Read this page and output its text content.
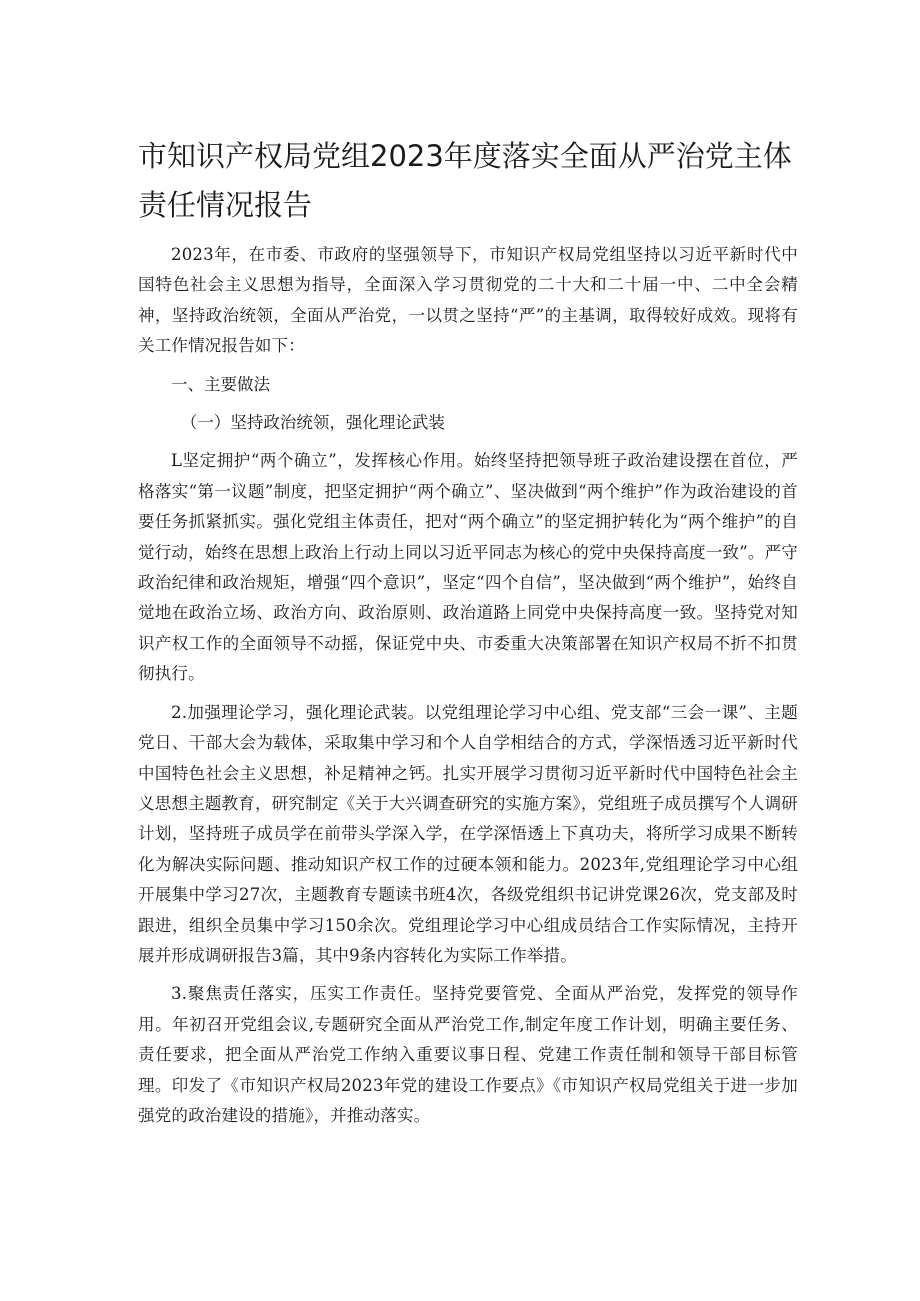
市知识产权局党组2023年度落实全面从严治党主体责任情况报告

2023年，在市委、市政府的坚强领导下，市知识产权局党组坚持以习近平新时代中国特色社会主义思想为指导，全面深入学习贯彻党的二十大和二十届一中、二中全会精神，坚持政治统领，全面从严治党，一以贯之坚持“严”的主基调，取得较好成效。现将有关工作情况报告如下：

一、主要做法

（一）坚持政治统领，强化理论武装

L坚定拥护“两个确立”，发挥核心作用。始终坚持把领导班子政治建设摆在首位，严格落实“第一议题”制度，把坚定拥护“两个确立”、坚决做到“两个维护”作为政治建设的首要任务抓紧抓实。强化党组主体责任，把对“两个确立”的坚定拥护转化为“两个维护”的自觉行动，始终在思想上政治上行动上同以习近平同志为核心的党中央保持高度一致”。严守政治纪律和政治规矩，增强“四个意识”，坚定“四个自信”，坚决做到“两个维护”，始终自觉地在政治立场、政治方向、政治原则、政治道路上同党中央保持高度一致。坚持党对知识产权工作的全面领导不动摇，保证党中央、市委重大决策部署在知识产权局不折不扣贯彻执行。

2.加强理论学习，强化理论武装。以党组理论学习中心组、党支部“三会一课”、主题党日、干部大会为载体，采取集中学习和个人自学相结合的方式，学深悟透习近平新时代中国特色社会主义思想，补足精神之钙。扎实开展学习贯彻习近平新时代中国特色社会主义思想主题教育，研究制定《关于大兴调查研究的实施方案》，党组班子成员撰写个人调研计划，坚持班子成员学在前带头学深入学，在学深悟透上下真功夫，将所学习成果不断转化为解决实际问题、推动知识产权工作的过硬本领和能力。2023年,党组理论学习中心组开展集中学习27次，主题教育专题读书班4次，各级党组织书记讲党课26次，党支部及时跟进，组织全员集中学习150余次。党组理论学习中心组成员结合工作实际情况，主持开展并形成调研报告3篇，其中9条内容转化为实际工作举措。

3.聚焦责任落实，压实工作责任。坚持党要管党、全面从严治党，发挥党的领导作用。年初召开党组会议,专题研究全面从严治党工作,制定年度工作计划，明确主要任务、责任要求，把全面从严治党工作纳入重要议事日程、党建工作责任制和领导干部目标管理。印发了《市知识产权局2023年党的建设工作要点》《市知识产权局党组关于进一步加强党的政治建设的措施》，并推动落实。
